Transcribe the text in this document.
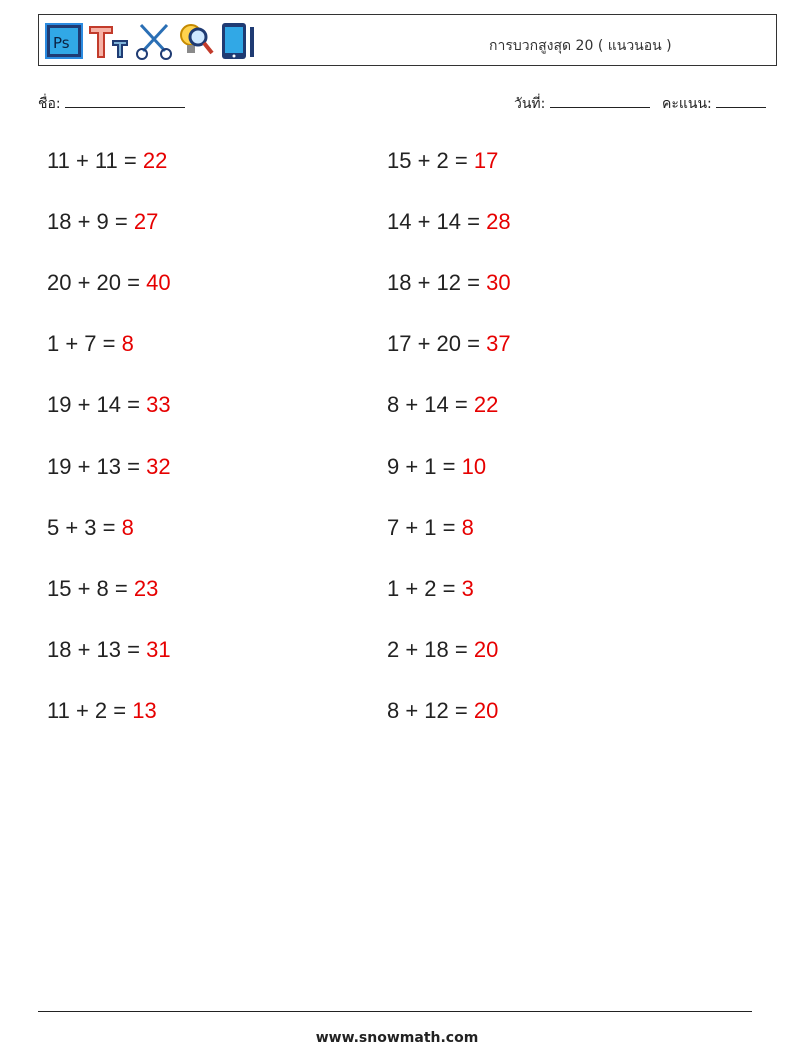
Ps	การบวกสูงสุด 20 ( แนวนอน )
ชื่อ:	วันที่:	คะแนน:
11 + 11 = 22
18 + 9 = 27
20 + 20 = 40
1 + 7 = 8
19 + 14 = 33
19 + 13 = 32
5 + 3 = 8
15 + 8 = 23
18 + 13 = 31
11 + 2 = 13
15 + 2 = 17
14 + 14 = 28
18 + 12 = 30
17 + 20 = 37
8 + 14 = 22
9 + 1 = 10
7 + 1 = 8
1 + 2 = 3
2 + 18 = 20
8 + 12 = 20
www.snowmath.com
